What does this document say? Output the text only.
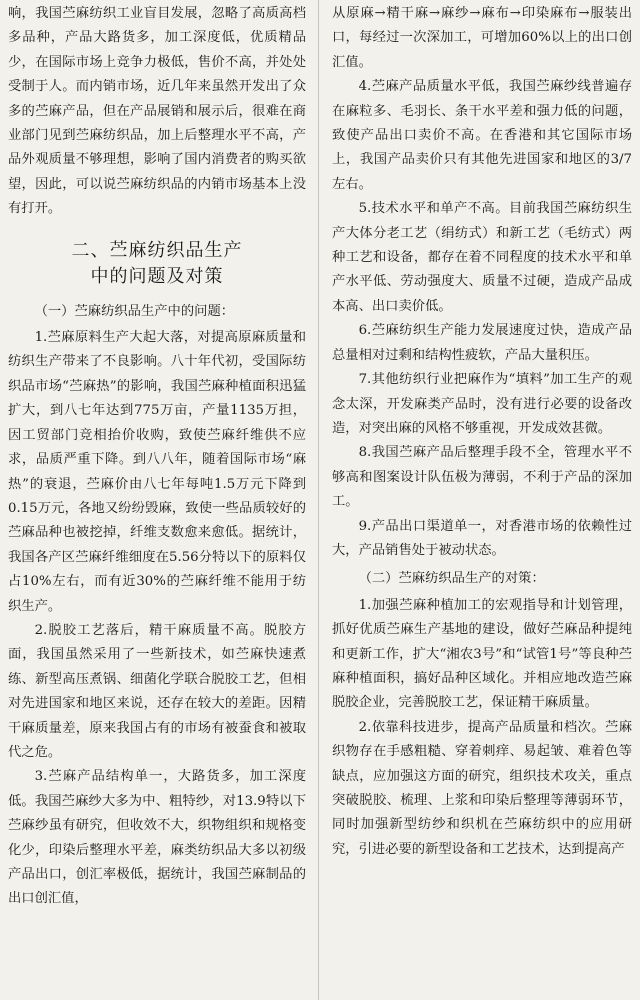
响，我国苎麻纺织工业盲目发展，忽略了高质高档多品种，产品大路货多，加工深度低，优质精品少，在国际市场上竞争力极低，售价不高，并处处受制于人。而内销市场，近几年来虽然开发出了众多的苎麻产品，但在产品展销和展示后，很难在商业部门见到苎麻纺织品，加上后整理水平不高，产品外观质量不够理想，影响了国内消费者的购买欲望，因此，可以说苎麻纺织品的内销市场基本上没有打开。

二、苎麻纺织品生产
中的问题及对策

（一）苎麻纺织品生产中的问题：

1.苎麻原料生产大起大落，对提高原麻质量和纺织生产带来了不良影响。八十年代初，受国际纺织品市场“苎麻热”的影响，我国苎麻种植面积迅猛扩大，到八七年达到775万亩，产量1135万担，因工贸部门竞相抬价收购，致使苎麻纤维供不应求，品质严重下降。到八八年，随着国际市场“麻热”的衰退，苎麻价由八七年每吨1.5万元下降到0.15万元，各地又纷纷毁麻，致使一些品质较好的苎麻品种也被挖掉，纤维支数愈来愈低。据统计，我国各产区苎麻纤维细度在5.56分特以下的原料仅占10%左右，而有近30%的苎麻纤维不能用于纺织生产。

2.脱胶工艺落后，精干麻质量不高。脱胶方面，我国虽然采用了一些新技术，如苎麻快速煮练、新型高压煮锅、细菌化学联合脱胶工艺，但相对先进国家和地区来说，还存在较大的差距。因精干麻质量差，原来我国占有的市场有被蚕食和被取代之危。

3.苎麻产品结构单一，大路货多，加工深度低。我国苎麻纱大多为中、粗特纱，对13.9特以下苎麻纱虽有研究，但收效不大，织物组织和规格变化少，印染后整理水平差，麻类纺织品大多以初级产品出口，创汇率极低，据统计，我国苎麻制品的出口创汇值，

从原麻→精干麻→麻纱→麻布→印染麻布→服装出口，每经过一次深加工，可增加60%以上的出口创汇值。

4.苎麻产品质量水平低，我国苎麻纱线普遍存在麻粒多、毛羽长、条干水平差和强力低的问题，致使产品出口卖价不高。在香港和其它国际市场上，我国产品卖价只有其他先进国家和地区的3/7左右。

5.技术水平和单产不高。目前我国苎麻纺织生产大体分老工艺（绢纺式）和新工艺（毛纺式）两种工艺和设备，都存在着不同程度的技术水平和单产水平低、劳动强度大、质量不过硬，造成产品成本高、出口卖价低。

6.苎麻纺织生产能力发展速度过快，造成产品总量相对过剩和结构性疲软，产品大量积压。

7.其他纺织行业把麻作为“填料”加工生产的观念太深，开发麻类产品时，没有进行必要的设备改造，对突出麻的风格不够重视，开发成效甚微。

8.我国苎麻产品后整理手段不全，管理水平不够高和图案设计队伍极为薄弱，不利于产品的深加工。

9.产品出口渠道单一，对香港市场的依赖性过大，产品销售处于被动状态。

（二）苎麻纺织品生产的对策：

1.加强苎麻种植加工的宏观指导和计划管理，抓好优质苎麻生产基地的建设，做好苎麻品种提纯和更新工作，扩大“湘农3号”和“试管1号”等良种苎麻种植面积，搞好品种区域化。并相应地改造苎麻脱胶企业，完善脱胶工艺，保证精干麻质量。

2.依靠科技进步，提高产品质量和档次。苎麻织物存在手感粗糙、穿着刺痒、易起皱、难着色等缺点，应加强这方面的研究，组织技术攻关，重点突破脱胶、梳理、上浆和印染后整理等薄弱环节，同时加强新型纺纱和织机在苎麻纺织中的应用研究，引进必要的新型设备和工艺技术，达到提高产
